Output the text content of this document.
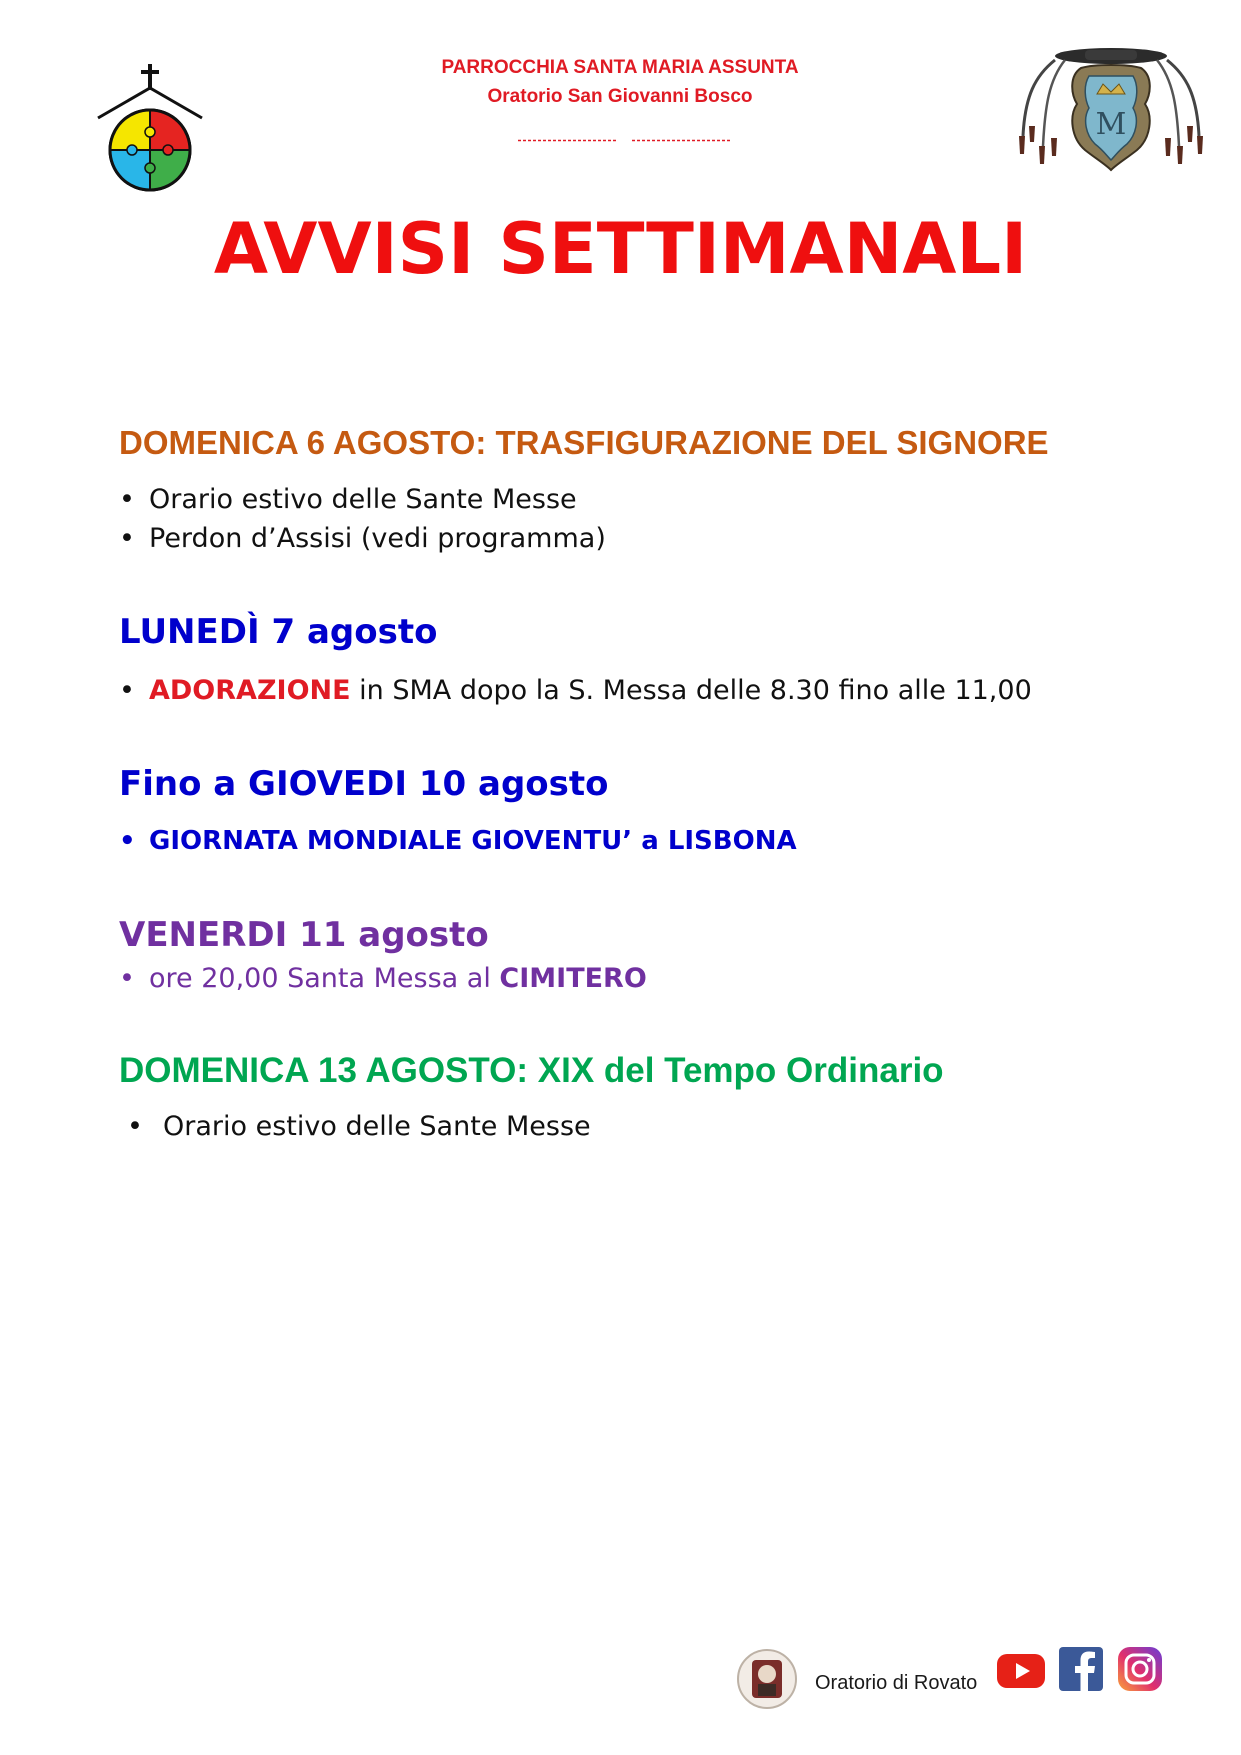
PARROCCHIA SANTA MARIA ASSUNTA
Oratorio San Giovanni Bosco
M
AVVISI SETTIMANALI
DOMENICA 6 AGOSTO: TRASFIGURAZIONE DEL SIGNORE
• Orario estivo delle Sante Messe
• Perdon d’Assisi (vedi programma)
LUNEDÌ 7 agosto
• ADORAZIONE in SMA dopo la S. Messa delle 8.30 fino alle 11,00
Fino a GIOVEDI 10 agosto
• GIORNATA MONDIALE GIOVENTU’ a LISBONA
VENERDI 11 agosto
• ore 20,00 Santa Messa al CIMITERO
DOMENICA 13 AGOSTO: XIX del Tempo Ordinario
• Orario estivo delle Sante Messe
Oratorio di Rovato
